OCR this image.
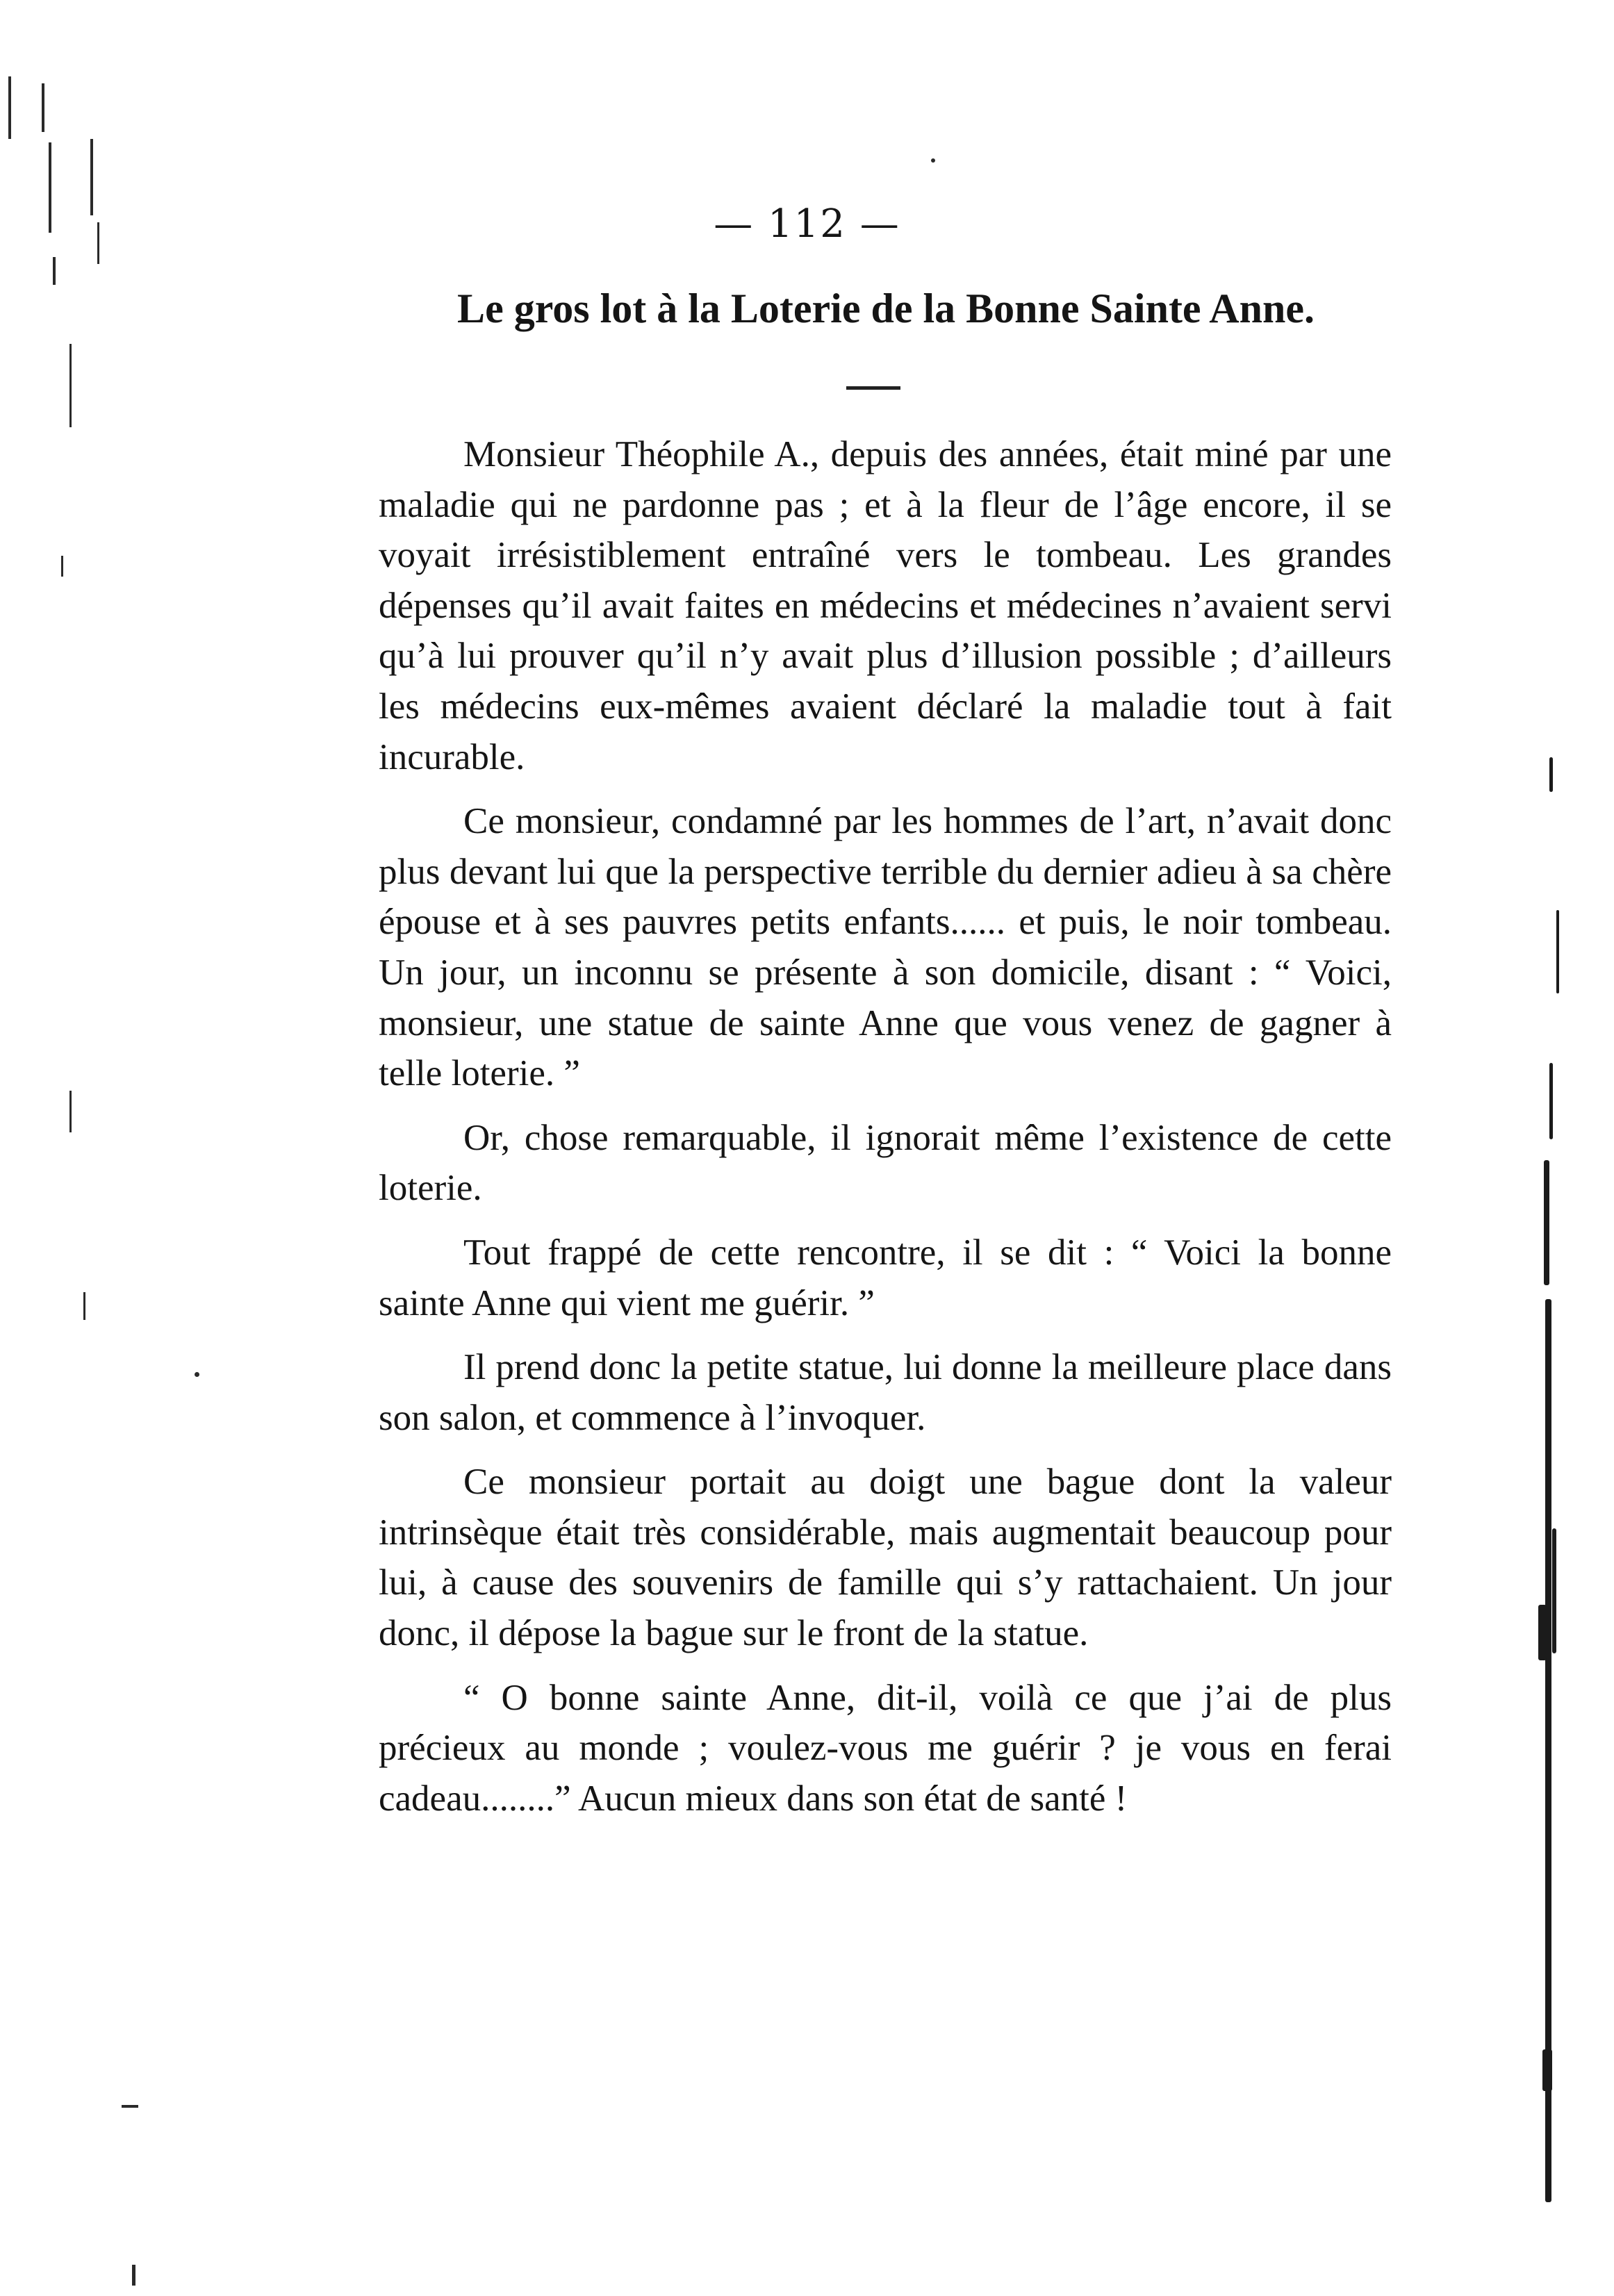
— 112 —
Le gros lot à la Loterie de la Bonne Sainte Anne.

Monsieur Théophile A., depuis des années, était miné par une maladie qui ne pardonne pas ; et à la fleur de l’âge encore, il se voyait irrésistiblement entraîné vers le tombeau. Les grandes dépenses qu’il avait faites en médecins et médecines n’avaient servi qu’à lui prouver qu’il n’y avait plus d’illusion possible ; d’ailleurs les médecins eux-mêmes avaient déclaré la maladie tout à fait incurable.

Ce monsieur, condamné par les hommes de l’art, n’avait donc plus devant lui que la perspective terrible du dernier adieu à sa chère épouse et à ses pauvres petits enfants...... et puis, le noir tombeau. Un jour, un inconnu se présente à son domicile, disant : “ Voici, monsieur, une statue de sainte Anne que vous venez de gagner à telle loterie. ”

Or, chose remarquable, il ignorait même l’existence de cette loterie.

Tout frappé de cette rencontre, il se dit : “ Voici la bonne sainte Anne qui vient me guérir. ”

Il prend donc la petite statue, lui donne la meilleure place dans son salon, et commence à l’invoquer.

Ce monsieur portait au doigt une bague dont la valeur intrinsèque était très considérable, mais augmentait beaucoup pour lui, à cause des souvenirs de famille qui s’y rattachaient. Un jour donc, il dépose la bague sur le front de la statue.

“ O bonne sainte Anne, dit-il, voilà ce que j’ai de plus précieux au monde ; voulez-vous me guérir ? je vous en ferai cadeau........” Aucun mieux dans son état de santé !
